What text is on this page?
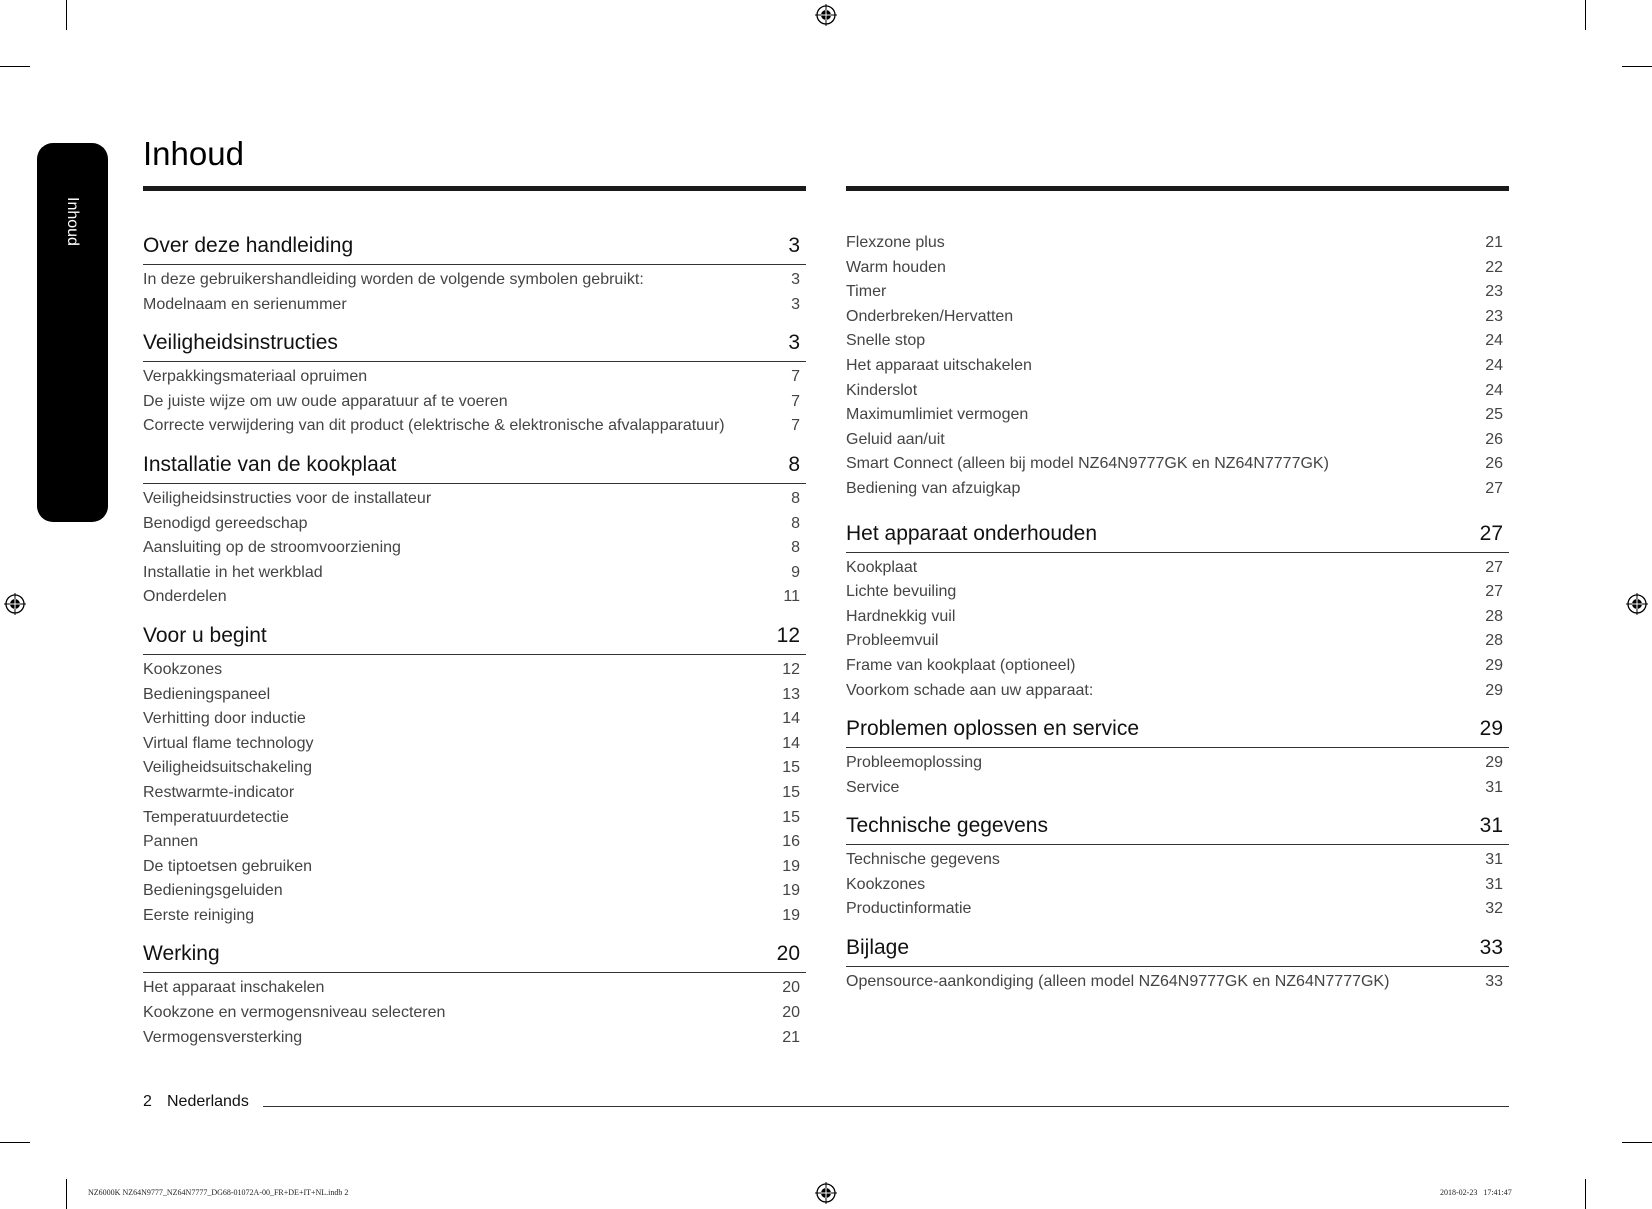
Inhoud
Inhoud
Over deze handleiding	3
In deze gebruikershandleiding worden de volgende symbolen gebruikt:	3
Modelnaam en serienummer	3
Veiligheidsinstructies	3
Verpakkingsmateriaal opruimen	7
De juiste wijze om uw oude apparatuur af te voeren	7
Correcte verwijdering van dit product (elektrische & elektronische afvalapparatuur)	7
Installatie van de kookplaat	8
Veiligheidsinstructies voor de installateur	8
Benodigd gereedschap	8
Aansluiting op de stroomvoorziening	8
Installatie in het werkblad	9
Onderdelen	11
Voor u begint	12
Kookzones	12
Bedieningspaneel	13
Verhitting door inductie	14
Virtual flame technology	14
Veiligheidsuitschakeling	15
Restwarmte-indicator	15
Temperatuurdetectie	15
Pannen	16
De tiptoetsen gebruiken	19
Bedieningsgeluiden	19
Eerste reiniging	19
Werking	20
Het apparaat inschakelen	20
Kookzone en vermogensniveau selecteren	20
Vermogensversterking	21
Flexzone plus	21
Warm houden	22
Timer	23
Onderbreken/Hervatten	23
Snelle stop	24
Het apparaat uitschakelen	24
Kinderslot	24
Maximumlimiet vermogen	25
Geluid aan/uit	26
Smart Connect (alleen bij model NZ64N9777GK en NZ64N7777GK)	26
Bediening van afzuigkap	27
Het apparaat onderhouden	27
Kookplaat	27
Lichte bevuiling	27
Hardnekkig vuil	28
Probleemvuil	28
Frame van kookplaat (optioneel)	29
Voorkom schade aan uw apparaat:	29
Problemen oplossen en service	29
Probleemoplossing	29
Service	31
Technische gegevens	31
Technische gegevens	31
Kookzones	31
Productinformatie	32
Bijlage	33
Opensource-aankondiging (alleen model NZ64N9777GK en NZ64N7777GK)	33
2 Nederlands
NZ6000K NZ64N9777_NZ64N7777_DG68-01072A-00_FR+DE+IT+NL.indb 2	2018-02-23   17:41:47
